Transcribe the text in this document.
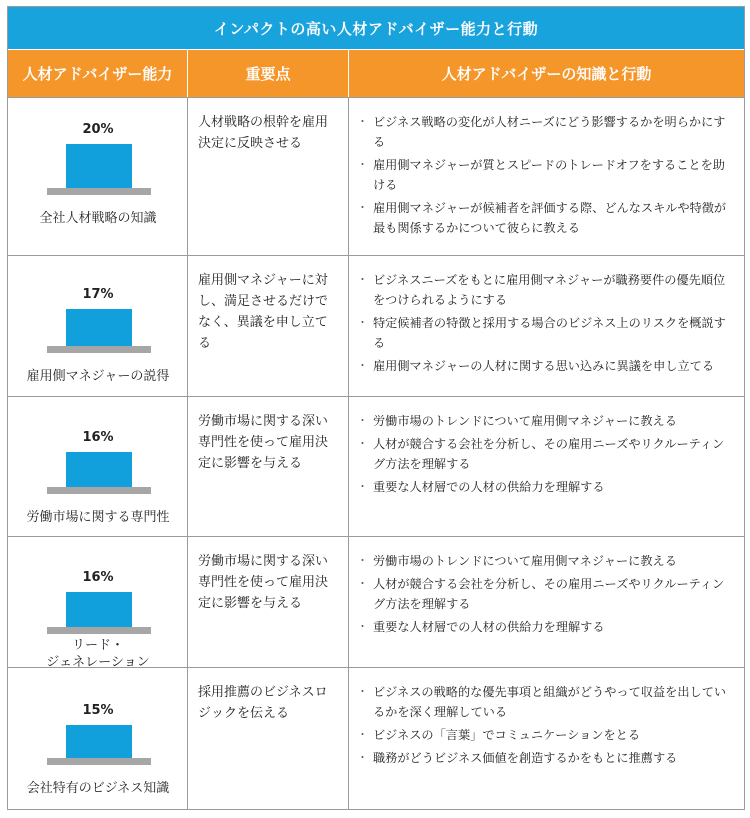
インパクトの高い人材アドバイザー能力と行動
人材アドバイザー能力	重要点	人材アドバイザーの知識と行動
20%
全社人材戦略の知識
人材戦略の根幹を雇用決定に反映させる
・ ビジネス戦略の変化が人材ニーズにどう影響するかを明らかにする
・ 雇用側マネジャーが質とスピードのトレードオフをすることを助ける
・ 雇用側マネジャーが候補者を評価する際、どんなスキルや特徴が最も関係するかについて彼らに教える
17%
雇用側マネジャーの説得
雇用側マネジャーに対し、満足させるだけでなく、異議を申し立てる
・ ビジネスニーズをもとに雇用側マネジャーが職務要件の優先順位をつけられるようにする
・ 特定候補者の特徴と採用する場合のビジネス上のリスクを概説する
・ 雇用側マネジャーの人材に関する思い込みに異議を申し立てる
16%
労働市場に関する専門性
労働市場に関する深い専門性を使って雇用決定に影響を与える
・ 労働市場のトレンドについて雇用側マネジャーに教える
・ 人材が競合する会社を分析し、その雇用ニーズやリクルーティング方法を理解する
・ 重要な人材層での人材の供給力を理解する
16%
リード・
ジェネレーション
労働市場に関する深い専門性を使って雇用決定に影響を与える
・ 労働市場のトレンドについて雇用側マネジャーに教える
・ 人材が競合する会社を分析し、その雇用ニーズやリクルーティング方法を理解する
・ 重要な人材層での人材の供給力を理解する
15%
会社特有のビジネス知識
採用推薦のビジネスロジックを伝える
・ ビジネスの戦略的な優先事項と組織がどうやって収益を出しているかを深く理解している
・ ビジネスの「言葉」でコミュニケーションをとる
・ 職務がどうビジネス価値を創造するかをもとに推薦する
